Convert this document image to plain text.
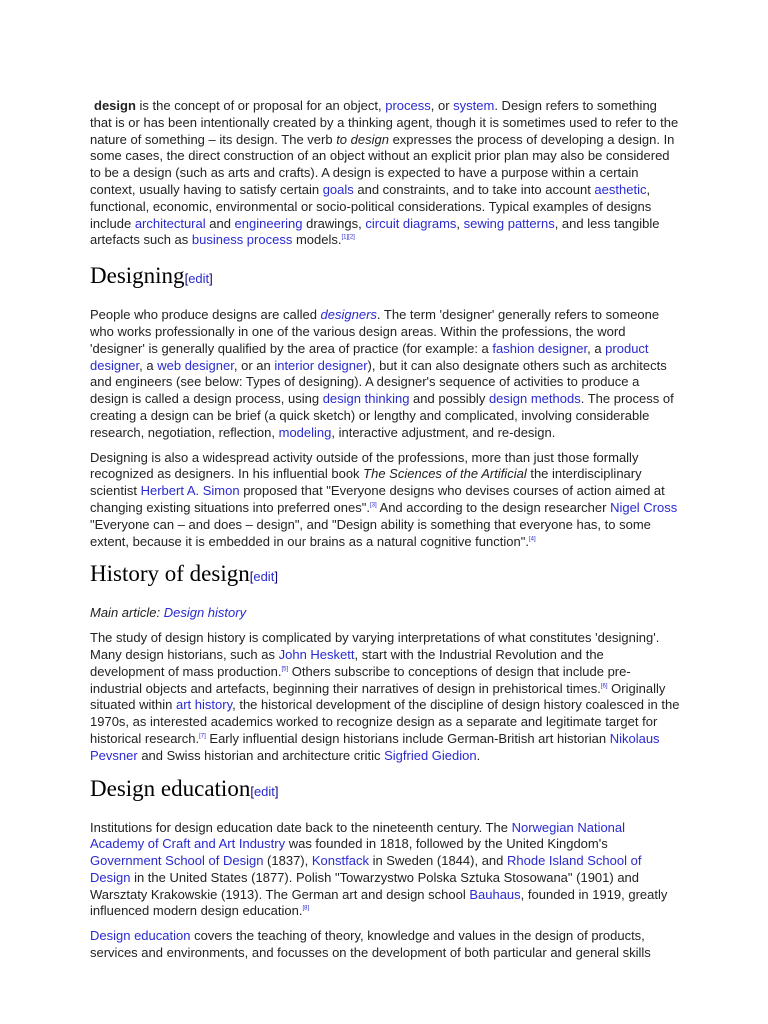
design is the concept of or proposal for an object, process, or system. Design refers to something that is or has been intentionally created by a thinking agent, though it is sometimes used to refer to the nature of something – its design. The verb to design expresses the process of developing a design. In some cases, the direct construction of an object without an explicit prior plan may also be considered to be a design (such as arts and crafts). A design is expected to have a purpose within a certain context, usually having to satisfy certain goals and constraints, and to take into account aesthetic, functional, economic, environmental or socio-political considerations. Typical examples of designs include architectural and engineering drawings, circuit diagrams, sewing patterns, and less tangible artefacts such as business process models.[1][2]

Designing[edit]

People who produce designs are called designers. The term 'designer' generally refers to someone who works professionally in one of the various design areas. Within the professions, the word 'designer' is generally qualified by the area of practice (for example: a fashion designer, a product designer, a web designer, or an interior designer), but it can also designate others such as architects and engineers (see below: Types of designing). A designer's sequence of activities to produce a design is called a design process, using design thinking and possibly design methods. The process of creating a design can be brief (a quick sketch) or lengthy and complicated, involving considerable research, negotiation, reflection, modeling, interactive adjustment, and re-design.

Designing is also a widespread activity outside of the professions, more than just those formally recognized as designers. In his influential book The Sciences of the Artificial the interdisciplinary scientist Herbert A. Simon proposed that "Everyone designs who devises courses of action aimed at changing existing situations into preferred ones".[3] And according to the design researcher Nigel Cross "Everyone can – and does – design", and "Design ability is something that everyone has, to some extent, because it is embedded in our brains as a natural cognitive function".[4]

History of design[edit]

Main article: Design history

The study of design history is complicated by varying interpretations of what constitutes 'designing'. Many design historians, such as John Heskett, start with the Industrial Revolution and the development of mass production.[5] Others subscribe to conceptions of design that include pre-industrial objects and artefacts, beginning their narratives of design in prehistorical times.[6] Originally situated within art history, the historical development of the discipline of design history coalesced in the 1970s, as interested academics worked to recognize design as a separate and legitimate target for historical research.[7] Early influential design historians include German-British art historian Nikolaus Pevsner and Swiss historian and architecture critic Sigfried Giedion.

Design education[edit]

Institutions for design education date back to the nineteenth century. The Norwegian National Academy of Craft and Art Industry was founded in 1818, followed by the United Kingdom's Government School of Design (1837), Konstfack in Sweden (1844), and Rhode Island School of Design in the United States (1877). Polish "Towarzystwo Polska Sztuka Stosowana" (1901) and Warsztaty Krakowskie (1913). The German art and design school Bauhaus, founded in 1919, greatly influenced modern design education.[8]

Design education covers the teaching of theory, knowledge and values in the design of products, services and environments, and focusses on the development of both particular and general skills
